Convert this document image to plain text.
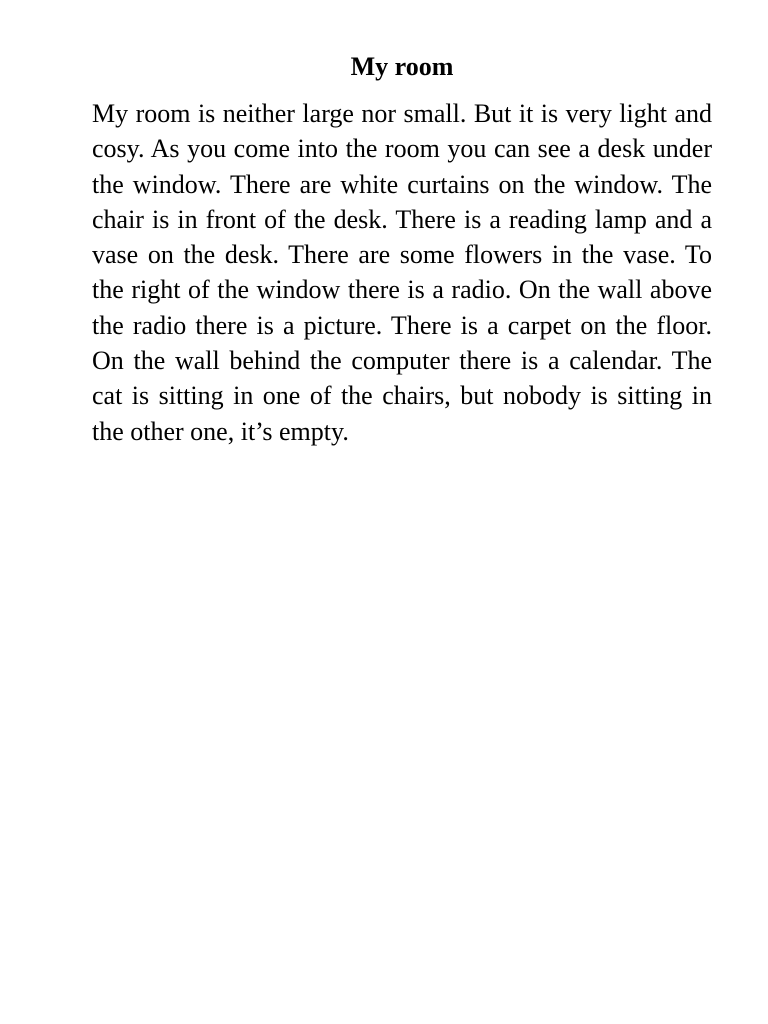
My room

My room is neither large nor small. But it is very light and cosy. As you come into the room you can see a desk under the window. There are white curtains on the window. The chair is in front of the desk. There is a reading lamp and a vase on the desk. There are some flowers in the vase. To the right of the window there is a radio. On the wall above the radio there is a picture. There is a carpet on the floor. On the wall behind the computer there is a calendar. The cat is sitting in one of the chairs, but nobody is sitting in the other one, it’s empty.
